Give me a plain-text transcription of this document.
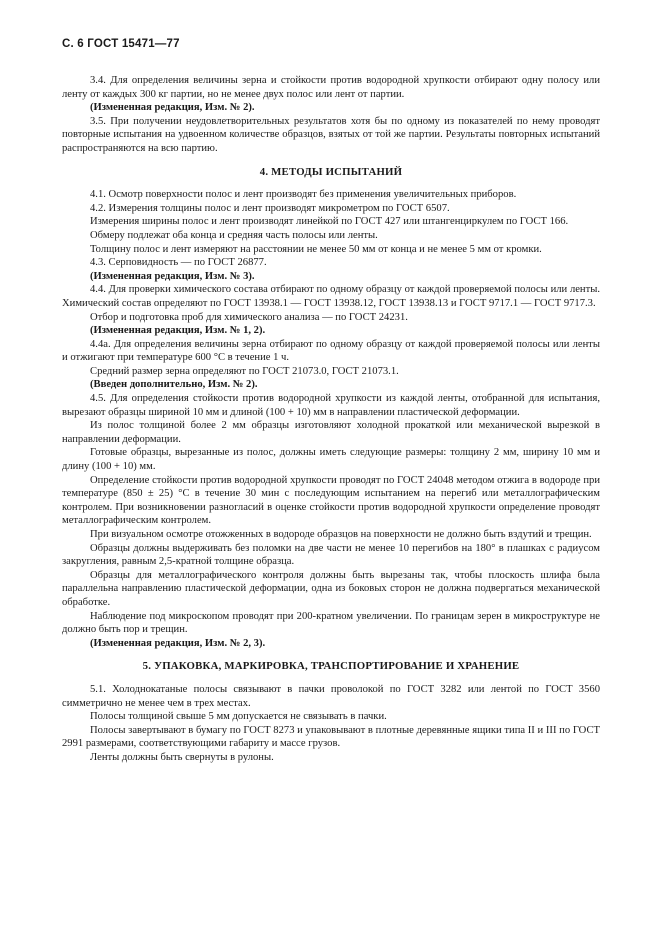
С. 6 ГОСТ 15471—77

3.4. Для определения величины зерна и стойкости против водородной хрупкости отбирают одну полосу или ленту от каждых 300 кг партии, но не менее двух полос или лент от партии.

(Измененная редакция, Изм. № 2).

3.5. При получении неудовлетворительных результатов хотя бы по одному из показателей по нему проводят повторные испытания на удвоенном количестве образцов, взятых от той же партии. Результаты повторных испытаний распространяются на всю партию.

4. МЕТОДЫ ИСПЫТАНИЙ

4.1. Осмотр поверхности полос и лент производят без применения увеличительных приборов.

4.2. Измерения толщины полос и лент производят микрометром по ГОСТ 6507.

Измерения ширины полос и лент производят линейкой по ГОСТ 427 или штангенциркулем по ГОСТ 166.

Обмеру подлежат оба конца и средняя часть полосы или ленты.

Толщину полос и лент измеряют на расстоянии не менее 50 мм от конца и не менее 5 мм от кромки.

4.3. Серповидность — по ГОСТ 26877.

(Измененная редакция, Изм. № 3).

4.4. Для проверки химического состава отбирают по одному образцу от каждой проверяемой полосы или ленты. Химический состав определяют по ГОСТ 13938.1 — ГОСТ 13938.12, ГОСТ 13938.13 и ГОСТ 9717.1 — ГОСТ 9717.3.

Отбор и подготовка проб для химического анализа — по ГОСТ 24231.

(Измененная редакция, Изм. № 1, 2).

4.4а. Для определения величины зерна отбирают по одному образцу от каждой проверяемой полосы или ленты и отжигают при температуре 600 °С в течение 1 ч.

Средний размер зерна определяют по ГОСТ 21073.0, ГОСТ 21073.1.

(Введен дополнительно, Изм. № 2).

4.5. Для определения стойкости против водородной хрупкости из каждой ленты, отобранной для испытания, вырезают образцы шириной 10 мм и длиной (100 + 10) мм в направлении пластической деформации.

Из полос толщиной более 2 мм образцы изготовляют холодной прокаткой или механической вырезкой в направлении деформации.

Готовые образцы, вырезанные из полос, должны иметь следующие размеры: толщину 2 мм, ширину 10 мм и длину (100 + 10) мм.

Определение стойкости против водородной хрупкости проводят по ГОСТ 24048 методом отжига в водороде при температуре (850 ± 25) °С в течение 30 мин с последующим испытанием на перегиб или металлографическим контролем. При возникновении разногласий в оценке стойкости против водородной хрупкости определение проводят металлографическим контролем.

При визуальном осмотре отожженных в водороде образцов на поверхности не должно быть вздутий и трещин.

Образцы должны выдерживать без поломки на две части не менее 10 перегибов на 180° в плашках с радиусом закругления, равным 2,5-кратной толщине образца.

Образцы для металлографического контроля должны быть вырезаны так, чтобы плоскость шлифа была параллельна направлению пластической деформации, одна из боковых сторон не должна подвергаться механической обработке.

Наблюдение под микроскопом проводят при 200-кратном увеличении. По границам зерен в микроструктуре не должно быть пор и трещин.

(Измененная редакция, Изм. № 2, 3).

5. УПАКОВКА, МАРКИРОВКА, ТРАНСПОРТИРОВАНИЕ И ХРАНЕНИЕ

5.1. Холоднокатаные полосы связывают в пачки проволокой по ГОСТ 3282 или лентой по ГОСТ 3560 симметрично не менее чем в трех местах.

Полосы толщиной свыше 5 мм допускается не связывать в пачки.

Полосы завертывают в бумагу по ГОСТ 8273 и упаковывают в плотные деревянные ящики типа II и III по ГОСТ 2991 размерами, соответствующими габариту и массе грузов.

Ленты должны быть свернуты в рулоны.
